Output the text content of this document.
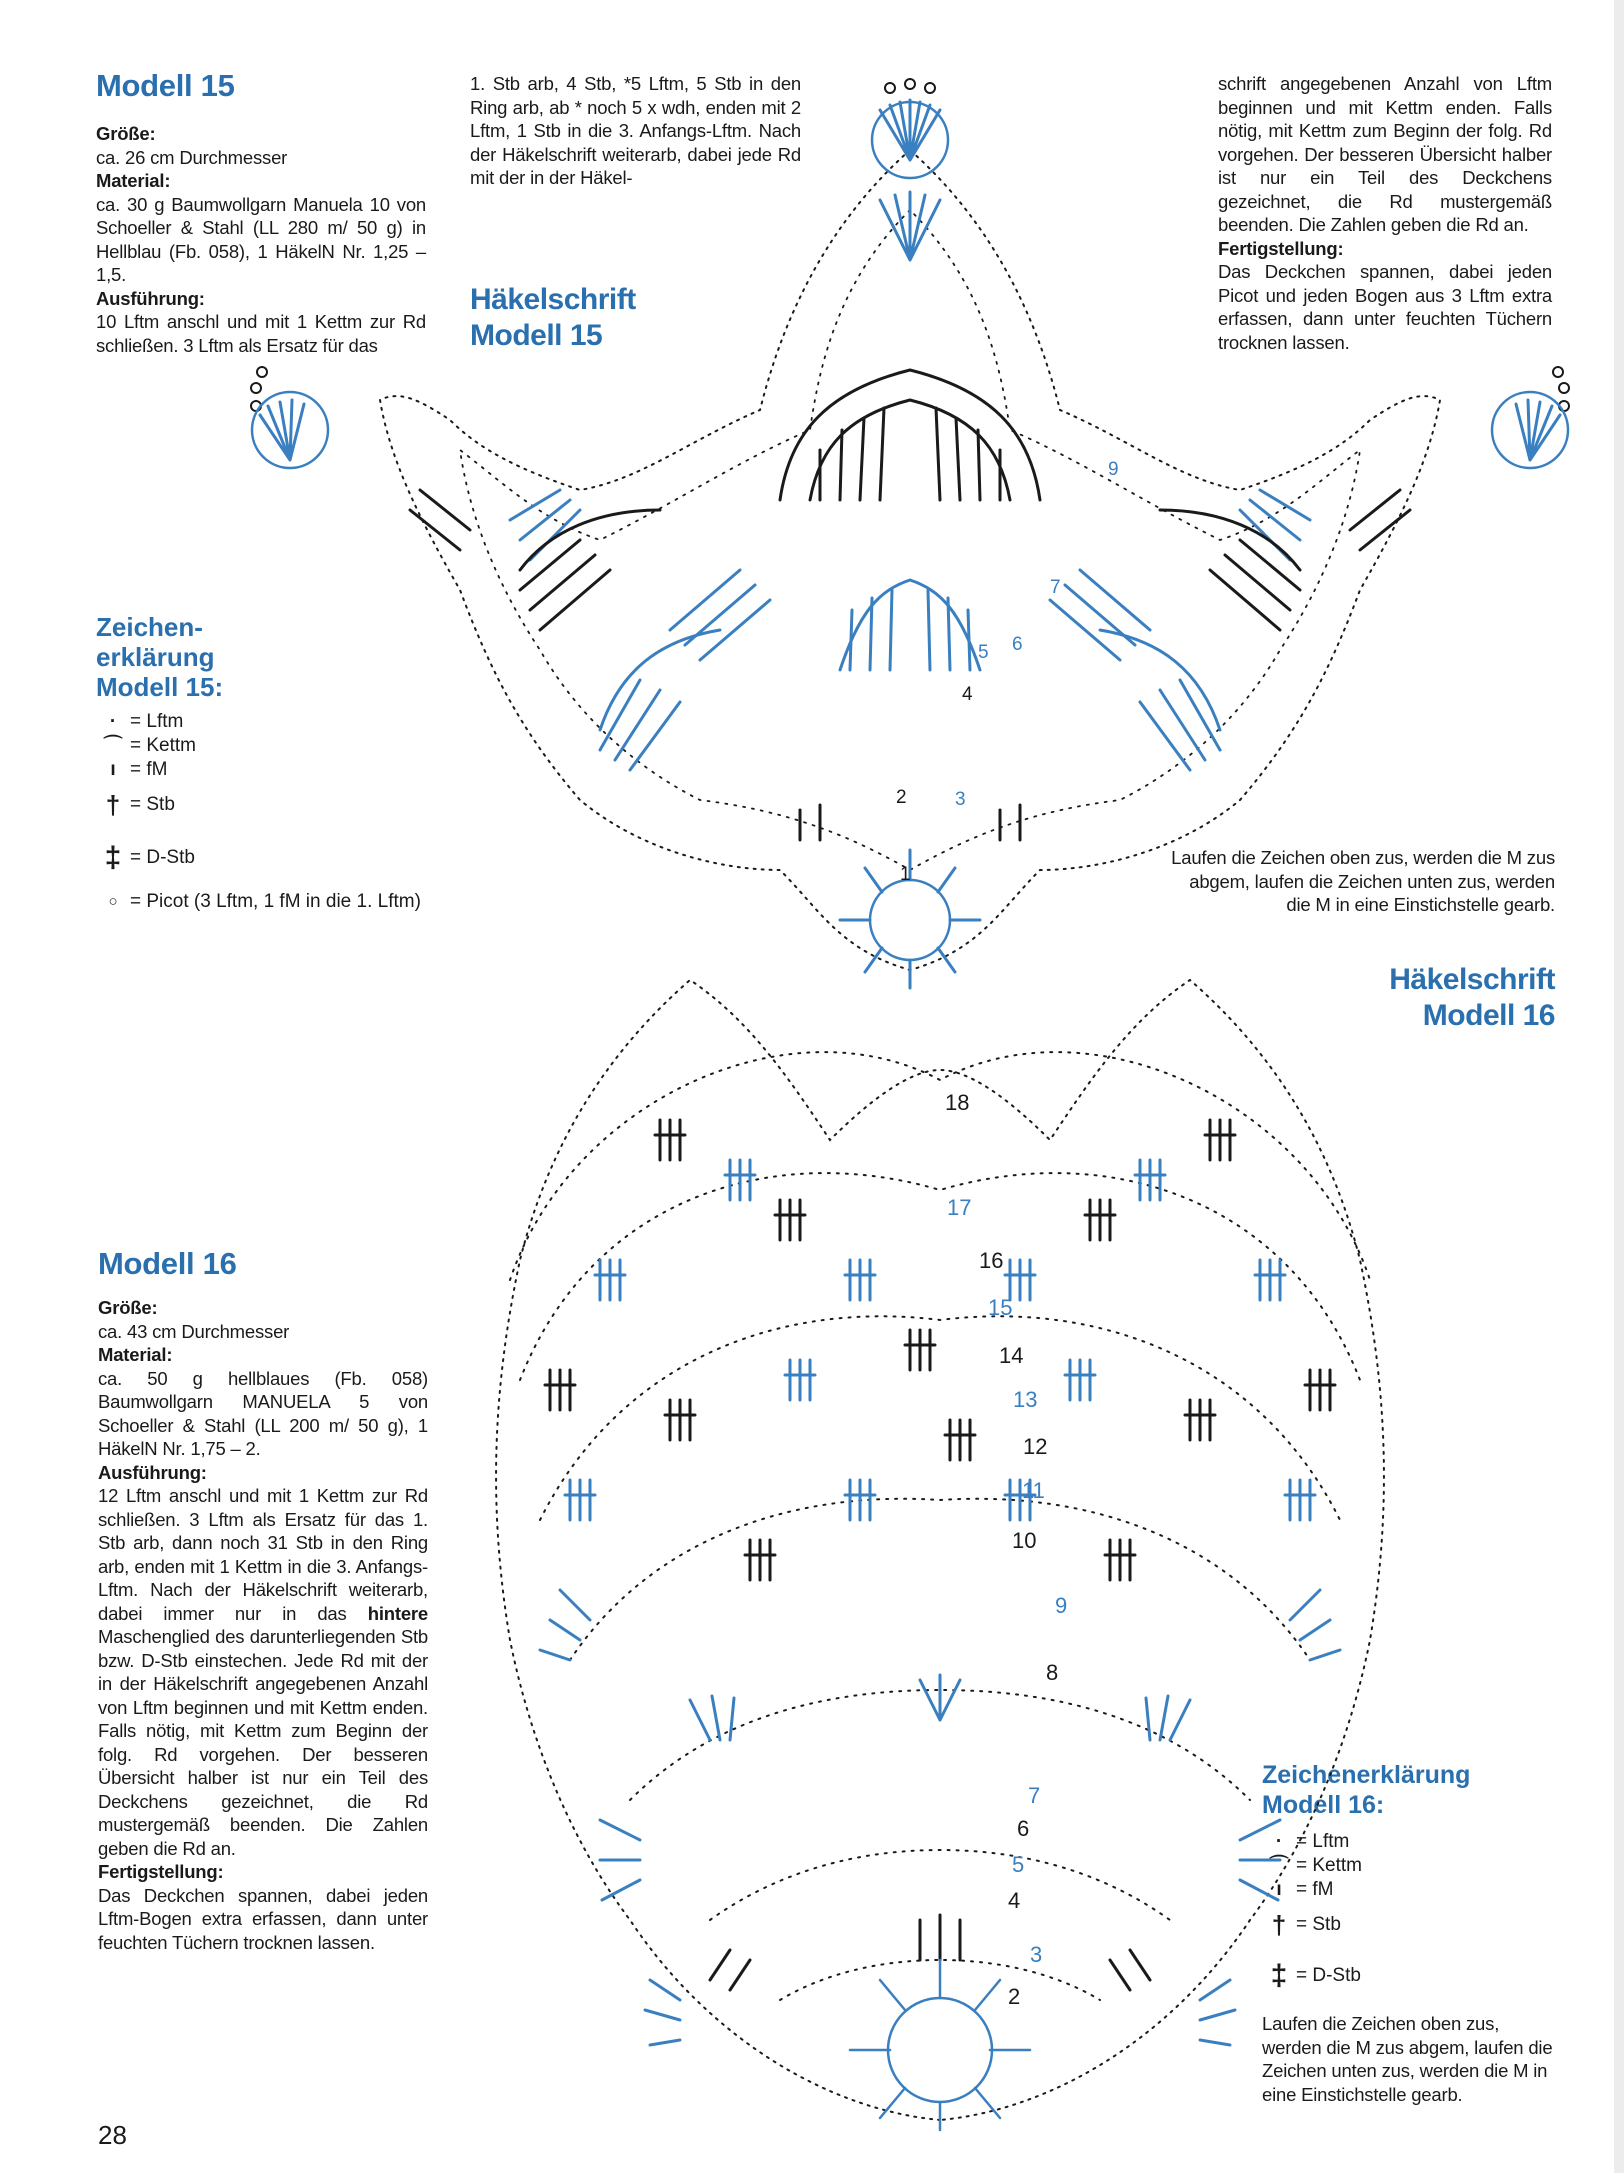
Modell 15

Größe:

ca. 26 cm Durchmesser

Material:

ca. 30 g Baumwollgarn Manuela 10 von Schoeller & Stahl (LL 280 m/ 50 g) in Hellblau (Fb. 058), 1 HäkelN Nr. 1,25 – 1,5.

Ausführung:

10 Lftm anschl und mit 1 Kettm zur Rd schließen. 3 Lftm als Ersatz für das

1. Stb arb, 4 Stb, *5 Lftm, 5 Stb in den Ring arb, ab * noch 5 x wdh, enden mit 2 Lftm, 1 Stb in die 3. Anfangs-Lftm. Nach der Häkelschrift weiterarb, dabei jede Rd mit der in der Häkel-

Häkelschrift
Modell 15

schrift angegebenen Anzahl von Lftm beginnen und mit Kettm enden. Falls nötig, mit Kettm zum Beginn der folg. Rd vorgehen. Der besseren Übersicht halber ist nur ein Teil des Deckchens gezeichnet, die Rd mustergemäß beenden. Die Zahlen geben die Rd an.

Fertigstellung:

Das Deckchen spannen, dabei jeden Picot und jeden Bogen aus 3 Lftm extra erfassen, dann unter feuchten Tüchern trocknen lassen.

Zeichen-
erklärung
Modell 15:
· = Lftm
⌒ = Kettm
ı = fM
† = Stb
‡ = D-Stb
○ = Picot (3 Lftm, 1 fM in die 1. Lftm)
Laufen die Zeichen oben zus, werden die M zus abgem, laufen die Zeichen unten zus, werden die M in eine Einstichstelle gearb.
1
2	3
4
5 6
7
9
Häkelschrift
Modell 16
Modell 16

Größe:

ca. 43 cm Durchmesser

Material:

ca. 50 g hellblaues (Fb. 058) Baumwollgarn MANUELA 5 von Schoeller & Stahl (LL 200 m/ 50 g), 1 HäkelN Nr. 1,75 – 2.

Ausführung:

12 Lftm anschl und mit 1 Kettm zur Rd schließen. 3 Lftm als Ersatz für das 1. Stb arb, dann noch 31 Stb in den Ring arb, enden mit 1 Kettm in die 3. Anfangs-Lftm. Nach der Häkelschrift weiterarb, dabei immer nur in das hintere Maschenglied des darunterliegenden Stb bzw. D-Stb einstechen. Jede Rd mit der in der Häkelschrift angegebenen Anzahl von Lftm beginnen und mit Kettm enden. Falls nötig, mit Kettm zum Beginn der folg. Rd vorgehen. Der besseren Übersicht halber ist nur ein Teil des Deckchens gezeichnet, die Rd mustergemäß beenden. Die Zahlen geben die Rd an.

Fertigstellung:

Das Deckchen spannen, dabei jeden Lftm-Bogen extra erfassen, dann unter feuchten Tüchern trocknen lassen.

Zeichenerklärung
Modell 16:
· = Lftm
⌒ = Kettm
ı = fM
† = Stb
‡ = D-Stb
Laufen die Zeichen oben zus, werden die M zus abgem, laufen die Zeichen unten zus, werden die M in eine Einstichstelle gearb.
18
17
16
15
14
13
12
11
10
9
8
7
6
5
4
3
2
28
